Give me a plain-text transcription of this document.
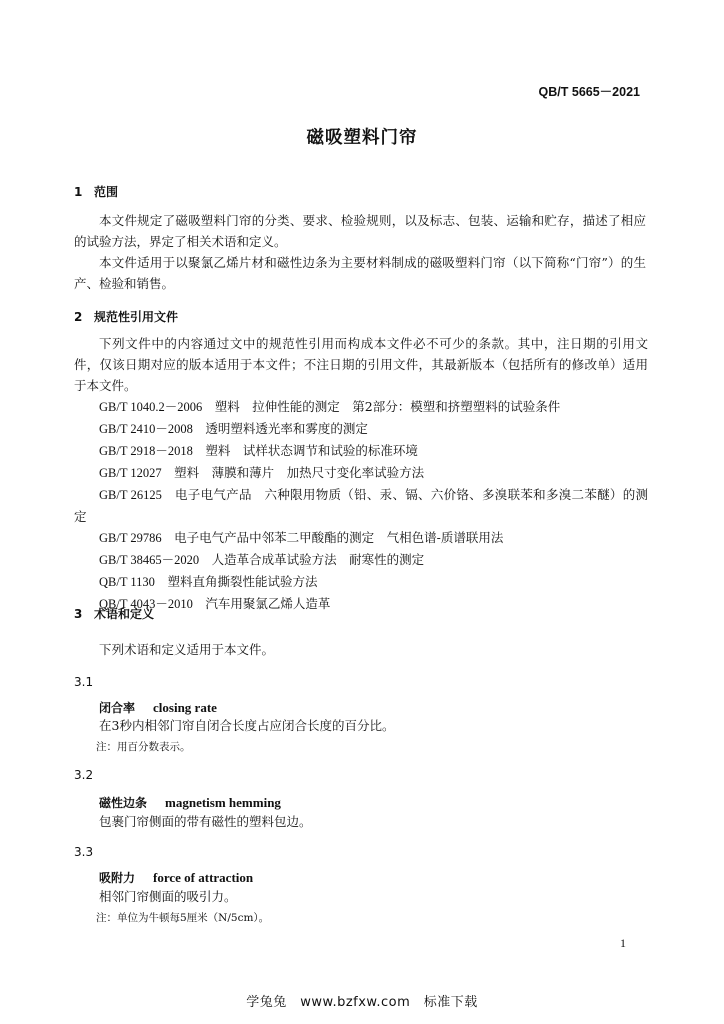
QB/T 5665－2021
磁吸塑料门帘
1 范围

本文件规定了磁吸塑料门帘的分类、要求、检验规则，以及标志、包装、运输和贮存，描述了相应的试验方法，界定了相关术语和定义。

本文件适用于以聚氯乙烯片材和磁性边条为主要材料制成的磁吸塑料门帘（以下简称“门帘”）的生产、检验和销售。

2 规范性引用文件
下列文件中的内容通过文中的规范性引用而构成本文件必不可少的条款。其中，注日期的引用文件，仅该日期对应的版本适用于本文件；不注日期的引用文件，其最新版本（包括所有的修改单）适用于本文件。
GB/T 1040.2－2006　 塑料　拉伸性能的测定　第2部分：模塑和挤塑塑料的试验条件
GB/T 2410－2008　 透明塑料透光率和雾度的测定
GB/T 2918－2018　 塑料　试样状态调节和试验的标准环境
GB/T 12027　 塑料　薄膜和薄片　加热尺寸变化率试验方法
GB/T 26125　 电子电气产品　六种限用物质（铅、汞、镉、六价铬、多溴联苯和多溴二苯醚）的测定
GB/T 29786　 电子电气产品中邻苯二甲酸酯的测定　气相色谱-质谱联用法
GB/T 38465－2020　 人造革合成革试验方法　耐寒性的测定
QB/T 1130　 塑料直角撕裂性能试验方法
QB/T 4043－2010　 汽车用聚氯乙烯人造革
3 术语和定义
下列术语和定义适用于本文件。
3.1
闭合率 closing rate
在3秒内相邻门帘自闭合长度占应闭合长度的百分比。
注：用百分数表示。
3.2
磁性边条 magnetism hemming
包裹门帘侧面的带有磁性的塑料包边。
3.3
吸附力 force of attraction
相邻门帘侧面的吸引力。
注：单位为牛顿每5厘米（N/5cm）。
1
学兔兔　www.bzfxw.com　标准下载
